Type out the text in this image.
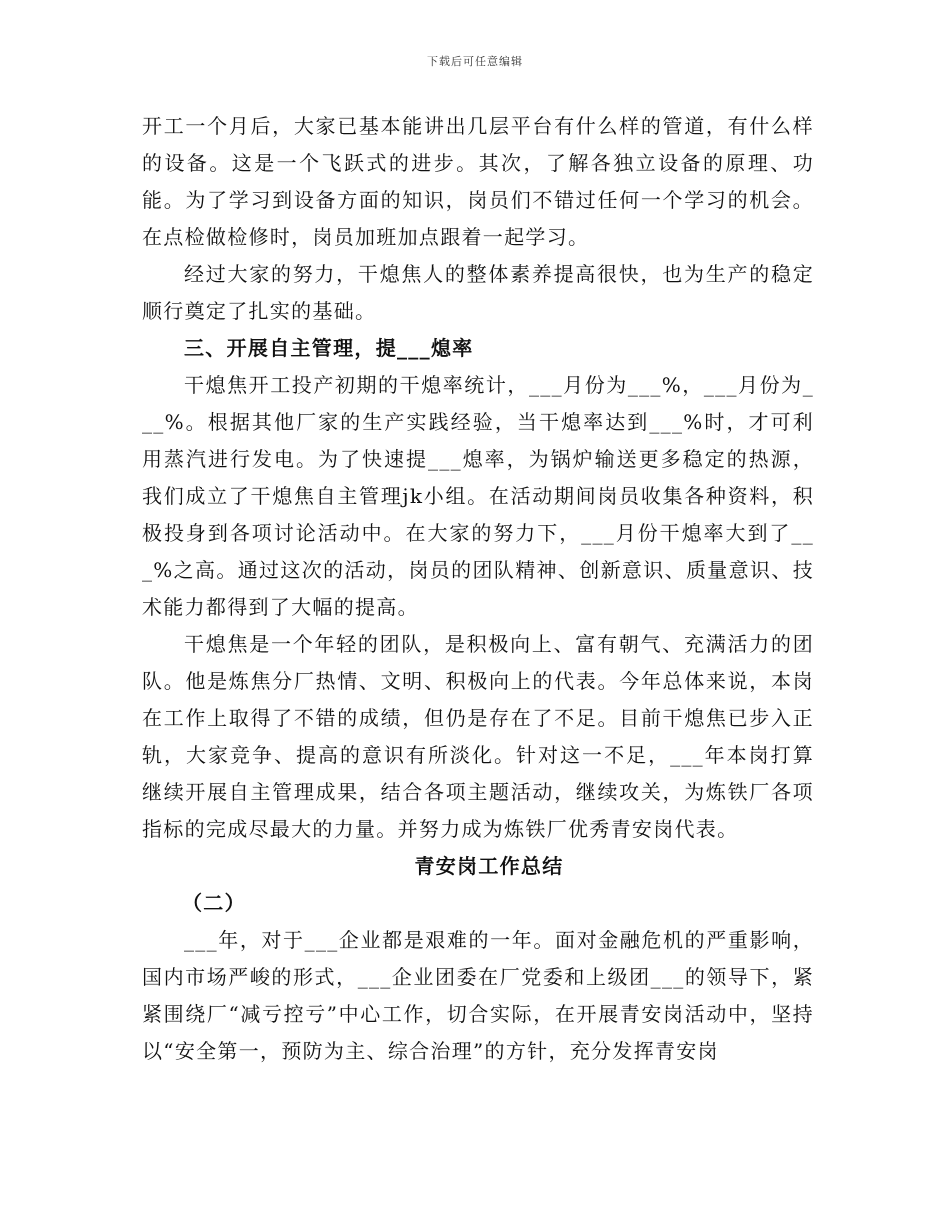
下载后可任意编辑

开工一个月后，大家已基本能讲出几层平台有什么样的管道，有什么样的设备。这是一个飞跃式的进步。其次，了解各独立设备的原理、功能。为了学习到设备方面的知识，岗员们不错过任何一个学习的机会。在点检做检修时，岗员加班加点跟着一起学习。

经过大家的努力，干熄焦人的整体素养提高很快，也为生产的稳定顺行奠定了扎实的基础。

三、开展自主管理，提___熄率

干熄焦开工投产初期的干熄率统计，___月份为___%，___月份为___%。根据其他厂家的生产实践经验，当干熄率达到___%时，才可利用蒸汽进行发电。为了快速提___熄率，为锅炉输送更多稳定的热源，我们成立了干熄焦自主管理jk小组。在活动期间岗员收集各种资料，积极投身到各项讨论活动中。在大家的努力下，___月份干熄率大到了___%之高。通过这次的活动，岗员的团队精神、创新意识、质量意识、技术能力都得到了大幅的提高。

干熄焦是一个年轻的团队，是积极向上、富有朝气、充满活力的团队。他是炼焦分厂热情、文明、积极向上的代表。今年总体来说，本岗在工作上取得了不错的成绩，但仍是存在了不足。目前干熄焦已步入正轨，大家竞争、提高的意识有所淡化。针对这一不足，___年本岗打算继续开展自主管理成果，结合各项主题活动，继续攻关，为炼铁厂各项指标的完成尽最大的力量。并努力成为炼铁厂优秀青安岗代表。

青安岗工作总结

（二）

___年，对于___企业都是艰难的一年。面对金融危机的严重影响，国内市场严峻的形式，___企业团委在厂党委和上级团___的领导下，紧紧围绕厂“减亏控亏”中心工作，切合实际，在开展青安岗活动中，坚持以“安全第一，预防为主、综合治理”的方针，充分发挥青安岗
